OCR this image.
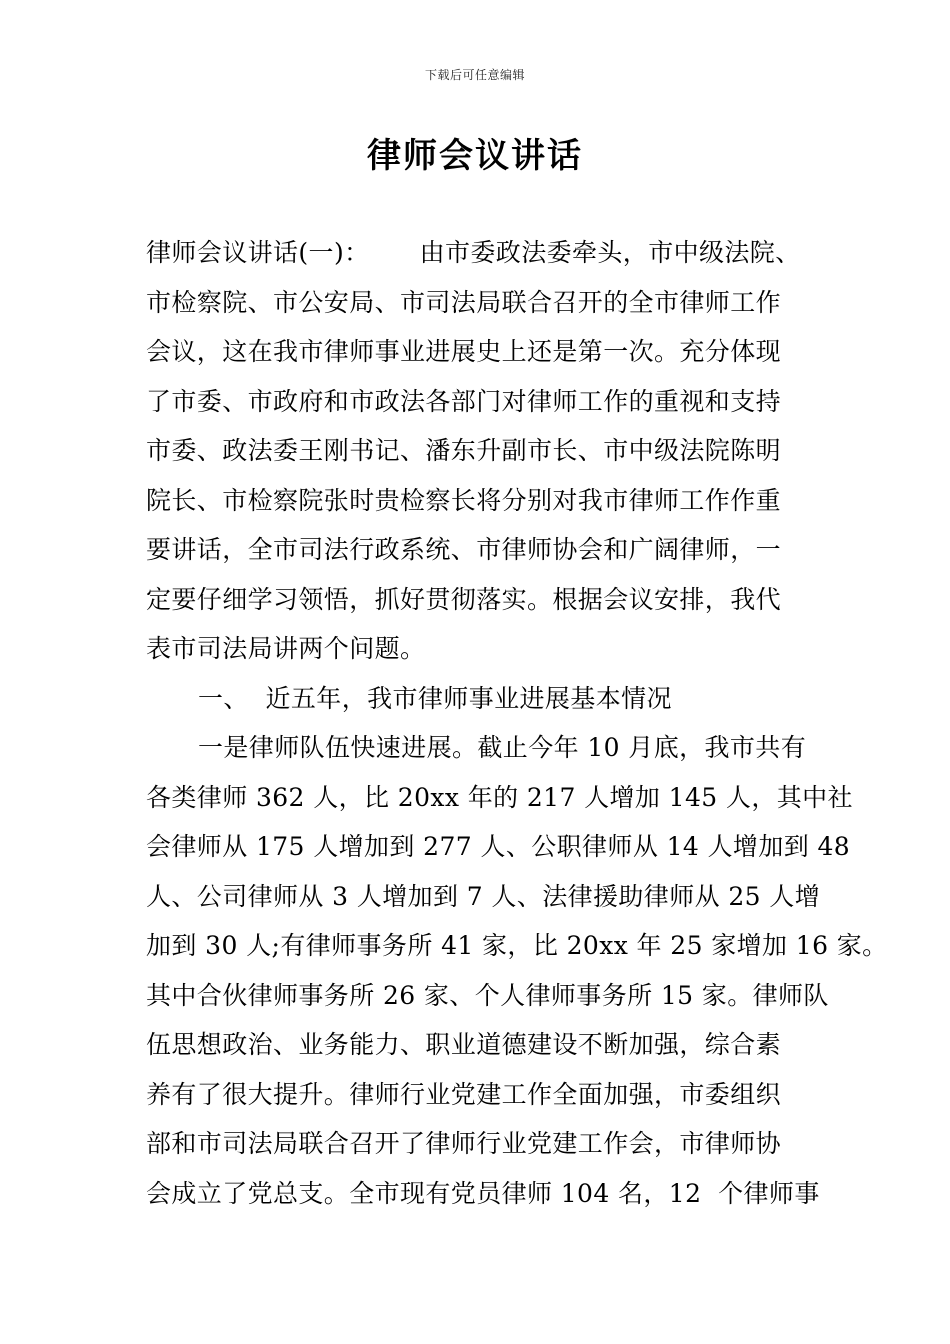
下载后可任意编辑
律师会议讲话
律师会议讲话(一)：      由市委政法委牵头，市中级法院、
市检察院、市公安局、市司法局联合召开的全市律师工作
会议，这在我市律师事业进展史上还是第一次。充分体现
了市委、市政府和市政法各部门对律师工作的重视和支持
市委、政法委王刚书记、潘东升副市长、市中级法院陈明
院长、市检察院张时贵检察长将分别对我市律师工作作重
要讲话，全市司法行政系统、市律师协会和广阔律师，一
定要仔细学习领悟，抓好贯彻落实。根据会议安排，我代
表市司法局讲两个问题。
一、  近五年，我市律师事业进展基本情况
一是律师队伍快速进展。截止今年 10 月底，我市共有
各类律师 362 人，比 20xx 年的 217 人增加 145 人，其中社
会律师从 175 人增加到 277 人、公职律师从 14 人增加到 48
人、公司律师从 3 人增加到 7 人、法律援助律师从 25 人增
加到 30 人;有律师事务所 41 家，比 20xx 年 25 家增加 16 家。
其中合伙律师事务所 26 家、个人律师事务所 15 家。律师队
伍思想政治、业务能力、职业道德建设不断加强，综合素
养有了很大提升。律师行业党建工作全面加强，市委组织
部和市司法局联合召开了律师行业党建工作会，市律师协
会成立了党总支。全市现有党员律师 104 名，12  个律师事
